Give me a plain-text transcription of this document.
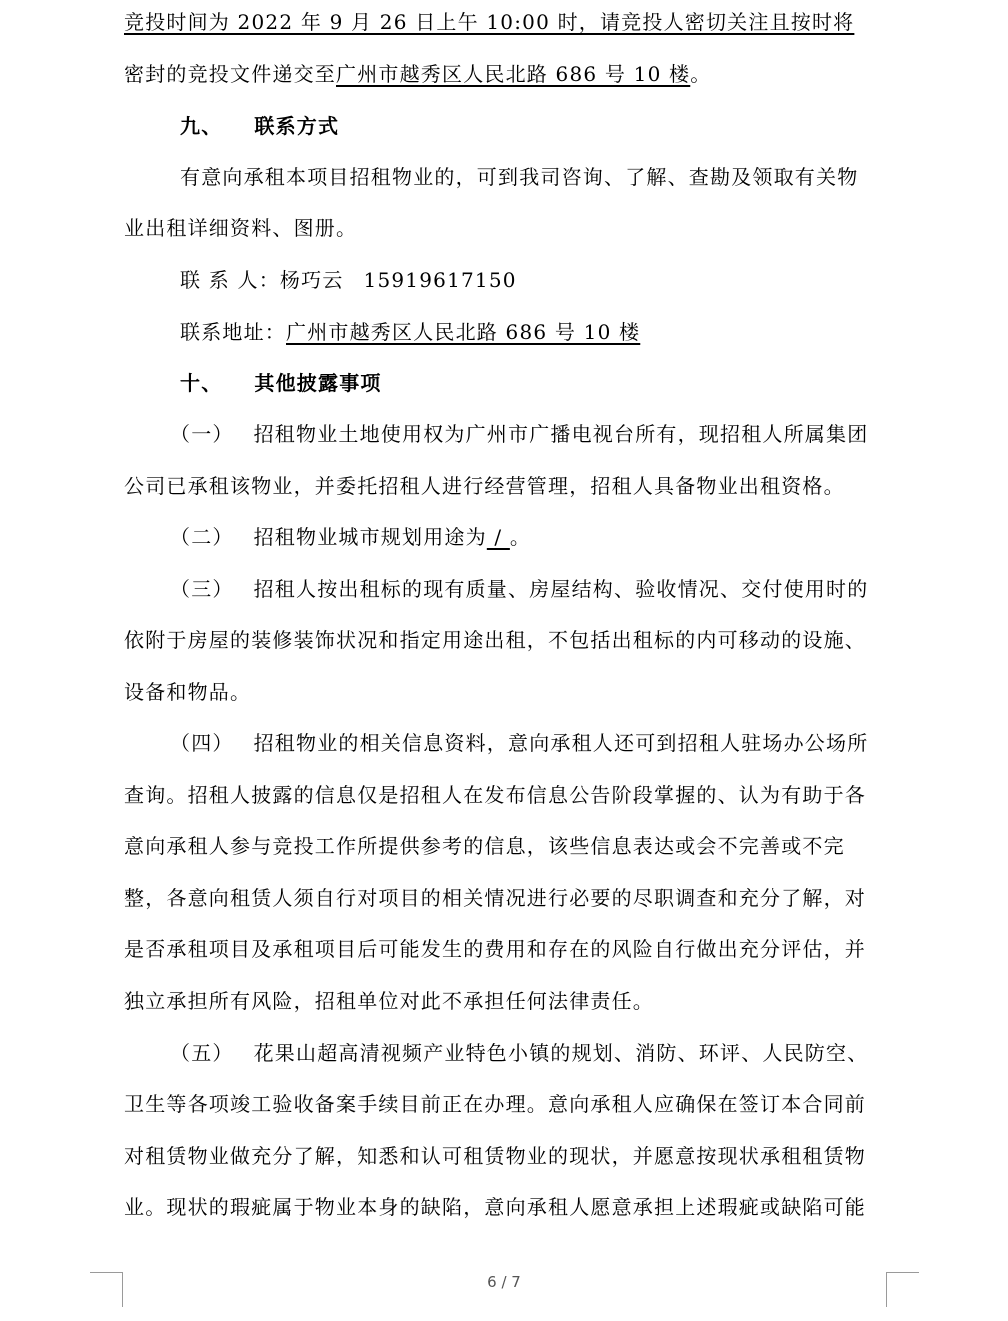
竞投时间为 2022 年 9 月 26 日上午 10:00 时，请竞投人密切关注且按时将
密封的竞投文件递交至广州市越秀区人民北路 686 号 10 楼。
九、 联系方式
有意向承租本项目招租物业的，可到我司咨询、了解、查勘及领取有关物
业出租详细资料、图册。
联 系 人：杨巧云 15919617150
联系地址：广州市越秀区人民北路 686 号 10 楼
十、 其他披露事项
（一） 招租物业土地使用权为广州市广播电视台所有，现招租人所属集团
公司已承租该物业，并委托招租人进行经营管理，招租人具备物业出租资格。
（二） 招租物业城市规划用途为 / 。
（三） 招租人按出租标的现有质量、房屋结构、验收情况、交付使用时的
依附于房屋的装修装饰状况和指定用途出租，不包括出租标的内可移动的设施、
设备和物品。
（四） 招租物业的相关信息资料，意向承租人还可到招租人驻场办公场所
查询。招租人披露的信息仅是招租人在发布信息公告阶段掌握的、认为有助于各
意向承租人参与竞投工作所提供参考的信息，该些信息表达或会不完善或不完
整，各意向租赁人须自行对项目的相关情况进行必要的尽职调查和充分了解，对
是否承租项目及承租项目后可能发生的费用和存在的风险自行做出充分评估，并
独立承担所有风险，招租单位对此不承担任何法律责任。
（五） 花果山超高清视频产业特色小镇的规划、消防、环评、人民防空、
卫生等各项竣工验收备案手续目前正在办理。意向承租人应确保在签订本合同前
对租赁物业做充分了解，知悉和认可租赁物业的现状，并愿意按现状承租租赁物
业。现状的瑕疵属于物业本身的缺陷，意向承租人愿意承担上述瑕疵或缺陷可能
6 / 7
